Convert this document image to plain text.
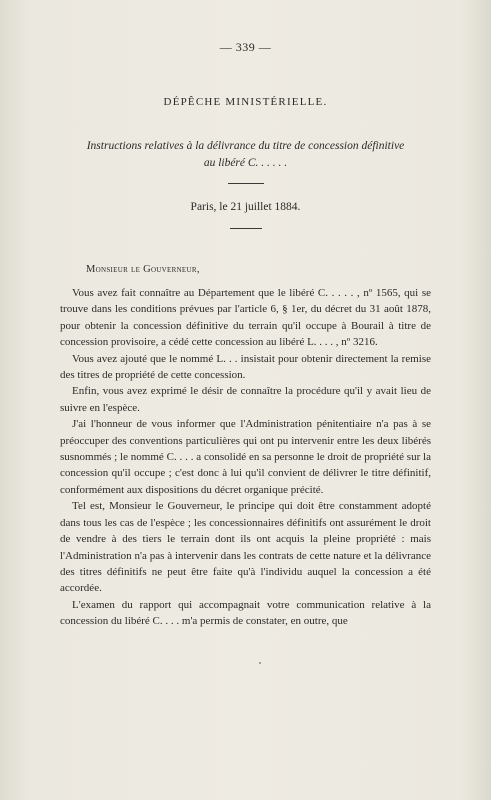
— 339 —
DÉPÊCHE MINISTÉRIELLE.
Instructions relatives à la délivrance du titre de concession définitive
au libéré C. . . . . .
Paris, le 21 juillet 1884.
Monsieur le Gouverneur,

Vous avez fait connaître au Département que le libéré C. . . . . , nº 1565, qui se trouve dans les conditions prévues par l'article 6, § 1er, du décret du 31 août 1878, pour obtenir la concession définitive du terrain qu'il occupe à Bourail à titre de concession provisoire, a cédé cette concession au libéré L. . . . , nº 3216.

Vous avez ajouté que le nommé L. . . insistait pour obtenir directement la remise des titres de propriété de cette concession.

Enfin, vous avez exprimé le désir de connaître la procédure qu'il y avait lieu de suivre en l'espèce.

J'ai l'honneur de vous informer que l'Administration pénitentiaire n'a pas à se préoccuper des conventions particulières qui ont pu intervenir entre les deux libérés susnommés ; le nommé C. . . . a consolidé en sa personne le droit de propriété sur la concession qu'il occupe ; c'est donc à lui qu'il convient de délivrer le titre définitif, conformément aux dispositions du décret organique précité.

Tel est, Monsieur le Gouverneur, le principe qui doit être constamment adopté dans tous les cas de l'espèce ; les concessionnaires définitifs ont assurément le droit de vendre à des tiers le terrain dont ils ont acquis la pleine propriété : mais l'Administration n'a pas à intervenir dans les contrats de cette nature et la délivrance des titres définitifs ne peut être faite qu'à l'individu auquel la concession a été accordée.

L'examen du rapport qui accompagnait votre communication relative à la concession du libéré C. . . . m'a permis de constater, en outre, que
